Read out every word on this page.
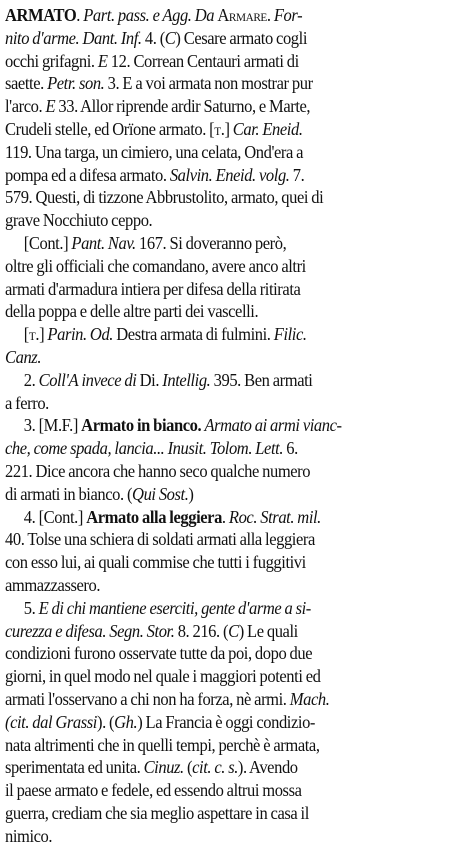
ARMATO. Part. pass. e Agg. Da Armare. For-
nito d'arme. Dant. Inf. 4. (C) Cesare armato cogli
occhi grifagni. E 12. Correan Centauri armati di
saette. Petr. son. 3. E a voi armata non mostrar pur
l'arco. E 33. Allor riprende ardir Saturno, e Marte,
Crudeli stelle, ed Orïone armato. [t.] Car. Eneid.
119. Una targa, un cimiero, una celata, Ond'era a
pompa ed a difesa armato. Salvin. Eneid. volg. 7.
579. Questi, di tizzone Abbrustolito, armato, quei di
grave Nocchiuto ceppo.
[Cont.] Pant. Nav. 167. Si doveranno però,
oltre gli officiali che comandano, avere anco altri
armati d'armadura intiera per difesa della ritirata
della poppa e delle altre parti dei vascelli.
[t.] Parin. Od. Destra armata di fulmini. Filic.
Canz.
2. Coll'A invece di Di. Intellig. 395. Ben armati
a ferro.
3. [M.F.] Armato in bianco. Armato ai armi vianc-
che, come spada, lancia... Inusit. Tolom. Lett. 6.
221. Dice ancora che hanno seco qualche numero
di armati in bianco. (Qui Sost.)
4. [Cont.] Armato alla leggiera. Roc. Strat. mil.
40. Tolse una schiera di soldati armati alla leggiera
con esso lui, ai quali commise che tutti i fuggitivi
ammazzassero.
5. E di chi mantiene eserciti, gente d'arme a si-
curezza e difesa. Segn. Stor. 8. 216. (C) Le quali
condizioni furono osservate tutte da poi, dopo due
giorni, in quel modo nel quale i maggiori potenti ed
armati l'osservano a chi non ha forza, nè armi. Mach.
(cit. dal Grassi). (Gh.) La Francia è oggi condizio-
nata altrimenti che in quelli tempi, perchè è armata,
sperimentata ed unita. Cinuz. (cit. c. s.). Avendo
il paese armato e fedele, ed essendo altrui mossa
guerra, crediam che sia meglio aspettare in casa il
nimico.
